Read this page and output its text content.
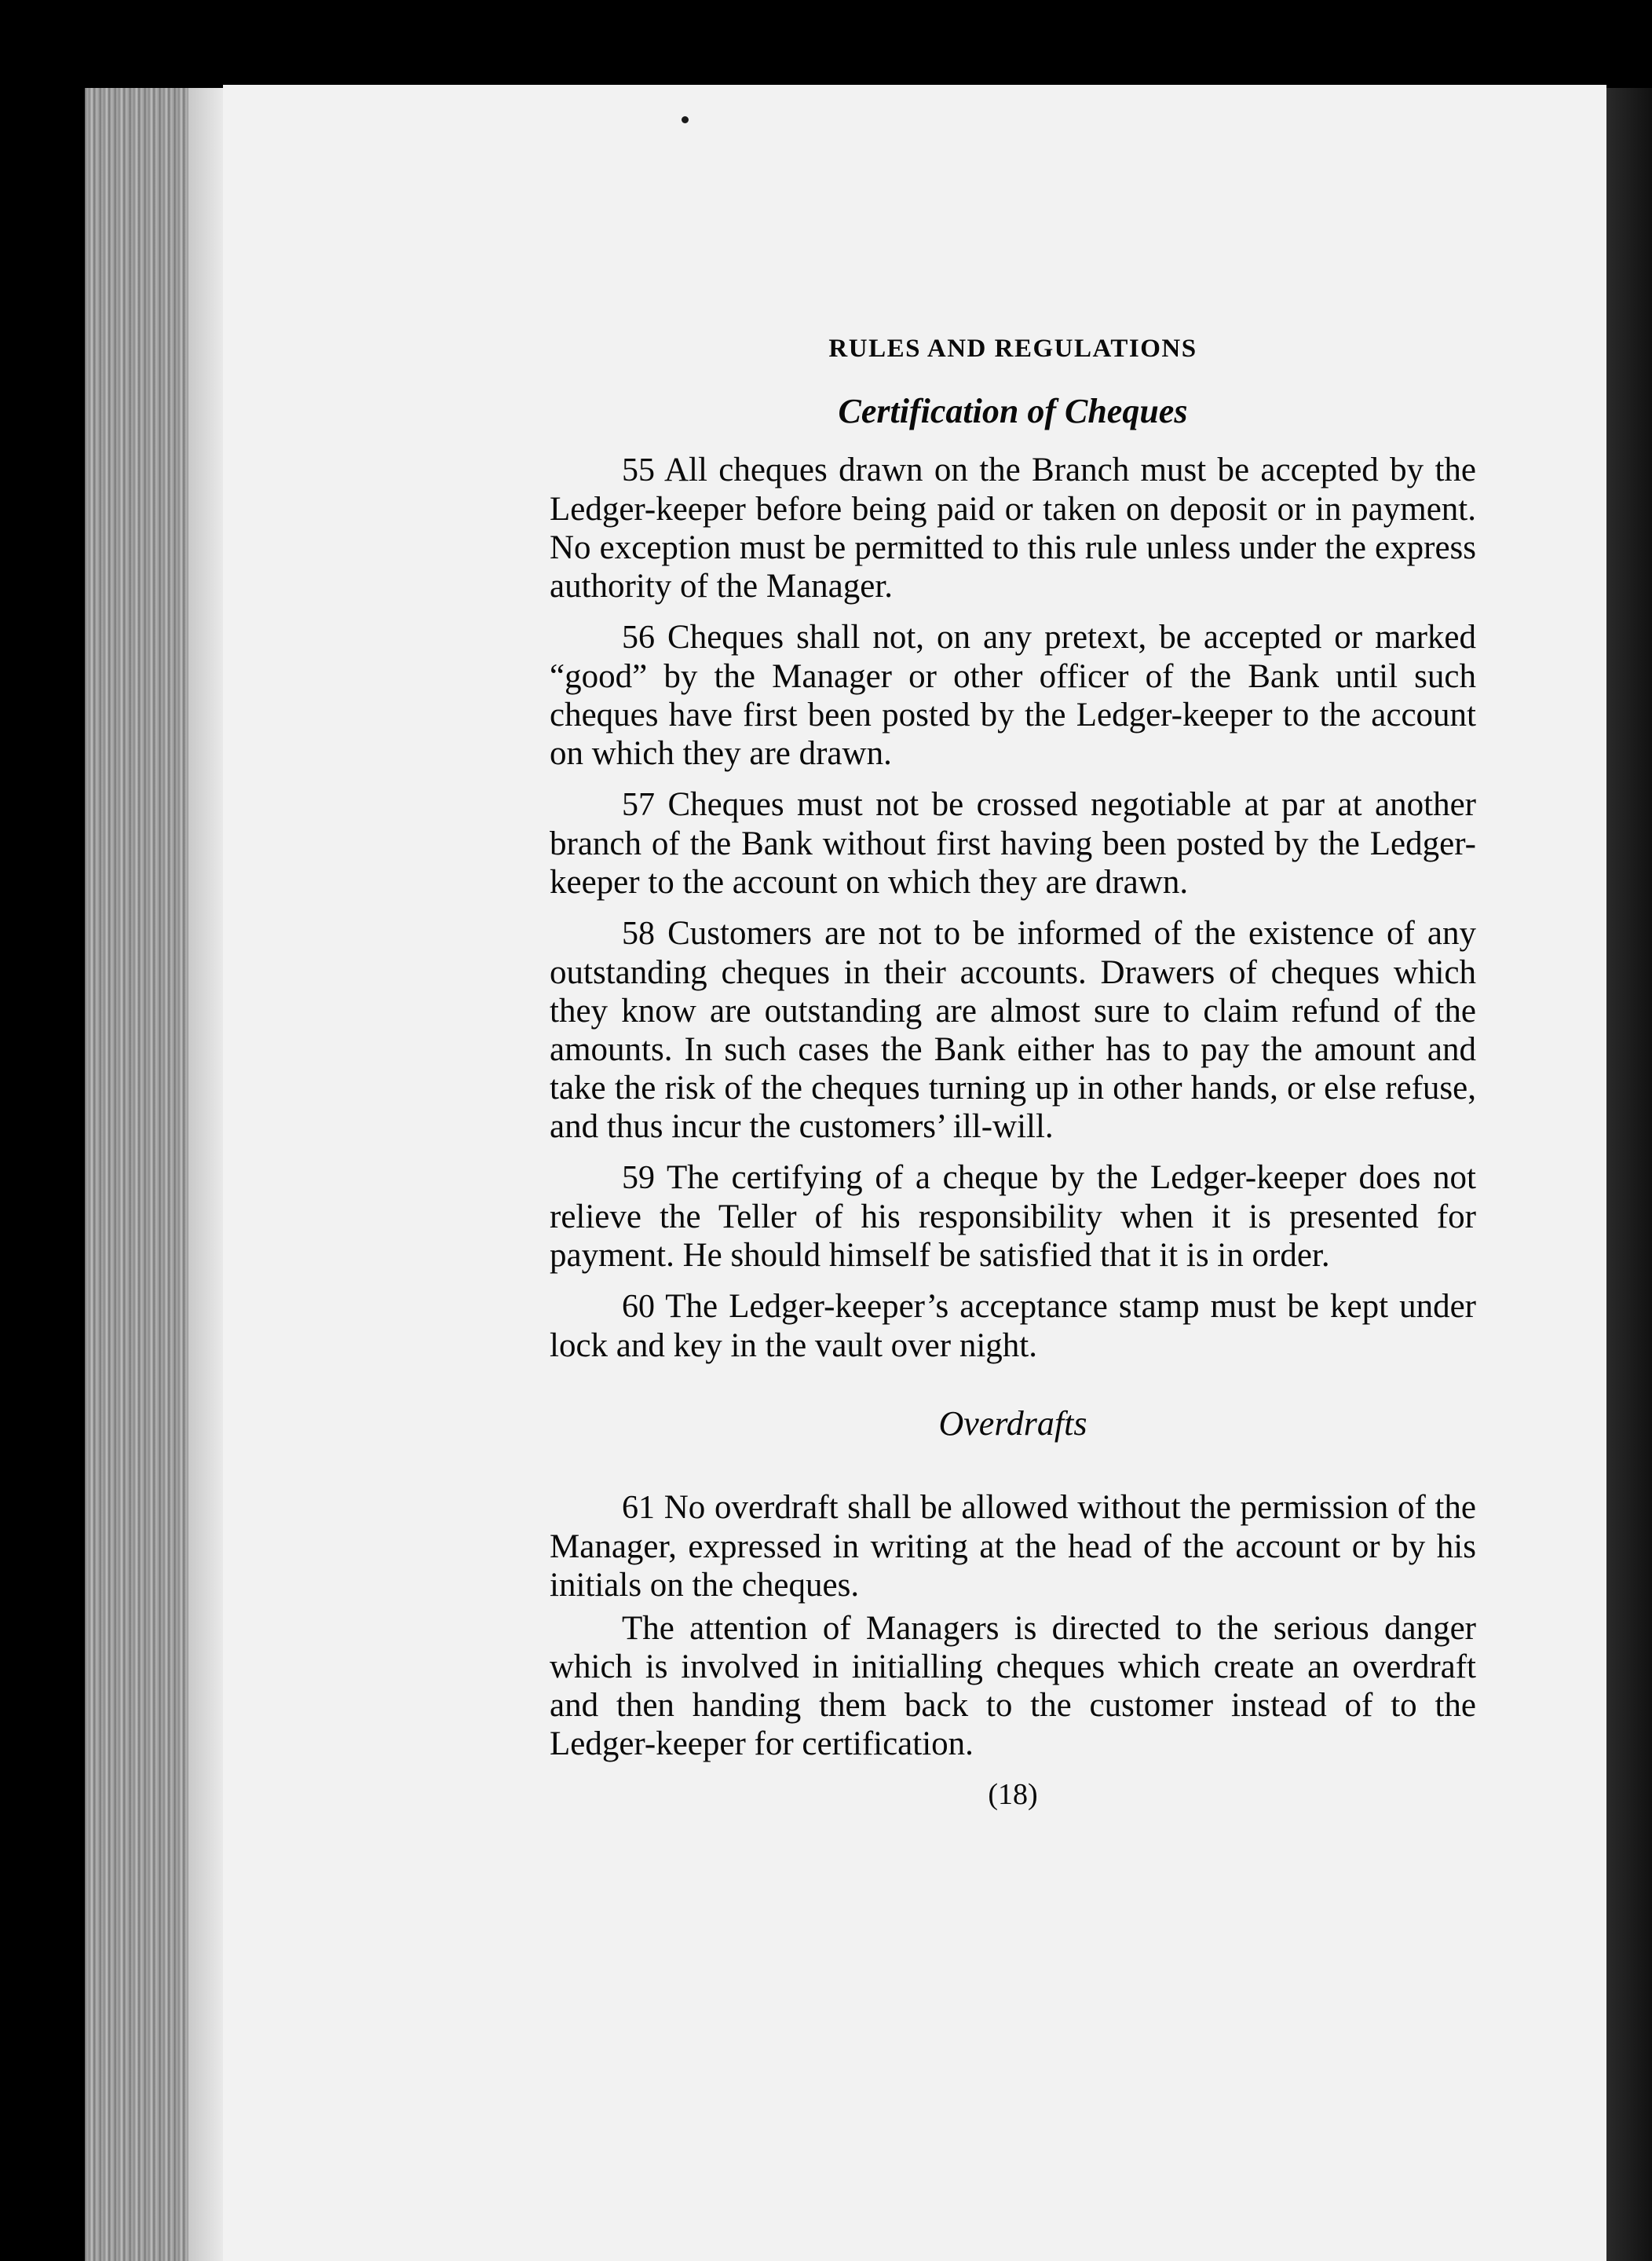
RULES AND REGULATIONS
Certification of Cheques

55 All cheques drawn on the Branch must be accepted by the Ledger-keeper before being paid or taken on deposit or in payment. No exception must be permitted to this rule unless under the express authority of the Manager.

56 Cheques shall not, on any pretext, be accepted or marked “good” by the Manager or other officer of the Bank until such cheques have first been posted by the Ledger-keeper to the account on which they are drawn.

57 Cheques must not be crossed negotiable at par at another branch of the Bank without first having been posted by the Ledger-keeper to the account on which they are drawn.

58 Customers are not to be informed of the existence of any outstanding cheques in their accounts. Drawers of cheques which they know are outstanding are almost sure to claim refund of the amounts. In such cases the Bank either has to pay the amount and take the risk of the cheques turning up in other hands, or else refuse, and thus incur the customers’ ill-will.

59 The certifying of a cheque by the Ledger-keeper does not relieve the Teller of his responsibility when it is presented for payment. He should himself be satisfied that it is in order.

60 The Ledger-keeper’s acceptance stamp must be kept under lock and key in the vault over night.

Overdrafts

61 No overdraft shall be allowed without the permission of the Manager, expressed in writing at the head of the account or by his initials on the cheques.

The attention of Managers is directed to the serious danger which is involved in initialling cheques which create an overdraft and then handing them back to the customer instead of to the Ledger-keeper for certification.

(18)
